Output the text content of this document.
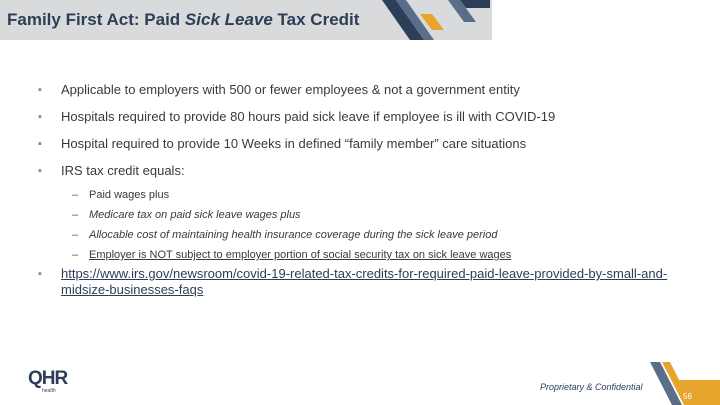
Family First Act: Paid Sick Leave Tax Credit
▪ Applicable to employers with 500 or fewer employees & not a government entity
▪ Hospitals required to provide 80 hours paid sick leave if employee is ill with COVID-19
▪ Hospital required to provide 10 Weeks in defined “family member” care situations
▪ IRS tax credit equals:
– Paid wages plus
– Medicare tax on paid sick leave wages plus
– Allocable cost of maintaining health insurance coverage during the sick leave period
– Employer is NOT subject to employer portion of social security tax on sick leave wages
▪ https://www.irs.gov/newsroom/covid-19-related-tax-credits-for-required-paid-leave-provided-by-small-and-midsize-businesses-faqs
QHR
health	Proprietary & Confidential
56
